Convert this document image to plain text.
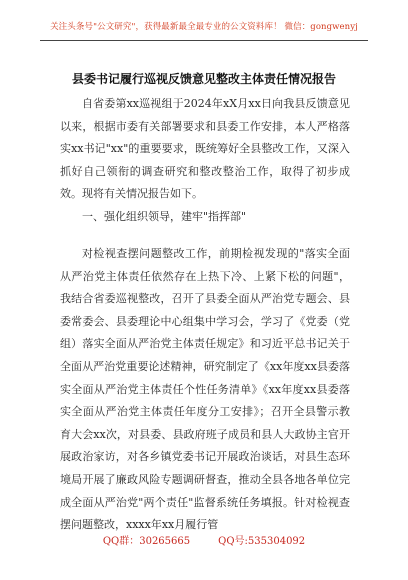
关注头条号"公文研究"，获得最新最全最专业的公文资料库！ 微信：gongwenyj
县委书记履行巡视反馈意见整改主体责任情况报告
自省委第xx巡视组于2024年xX月xx日向我县反馈意见以来，根据市委有关部署要求和县委工作安排，本人严格落实xx书记"xx"的重要要求，既统筹好全县整改工作，又深入抓好自己领衔的调查研究和整改整治工作，取得了初步成效。现将有关情况报告如下。
一、强化组织领导，建牢"指挥部"
对检视查摆问题整改工作，前期检视发现的"落实全面从严治党主体责任依然存在上热下冷、上紧下松的问题"，我结合省委巡视整改，召开了县委全面从严治党专题会、县委常委会、县委理论中心组集中学习会，学习了《党委（党组）落实全面从严治党主体责任规定》和习近平总书记关于全面从严治党重要论述精神，研究制定了《xx年度xx县委落实全面从严治党主体责任个性任务清单》《xx年度xx县委落实全面从严治党主体责任年度分工安排》；召开全县警示教育大会xx次，对县委、县政府班子成员和县人大政协主官开展政治家访，对各乡镇党委书记开展政治谈话，对县生态环境局开展了廉政风险专题调研督查，推动全县各地各单位完成全面从严治党"两个责任"监督系统任务填报。针对检视查摆问题整改，xxxx年xx月履行管
QQ群：30265665	QQ号:535304092
